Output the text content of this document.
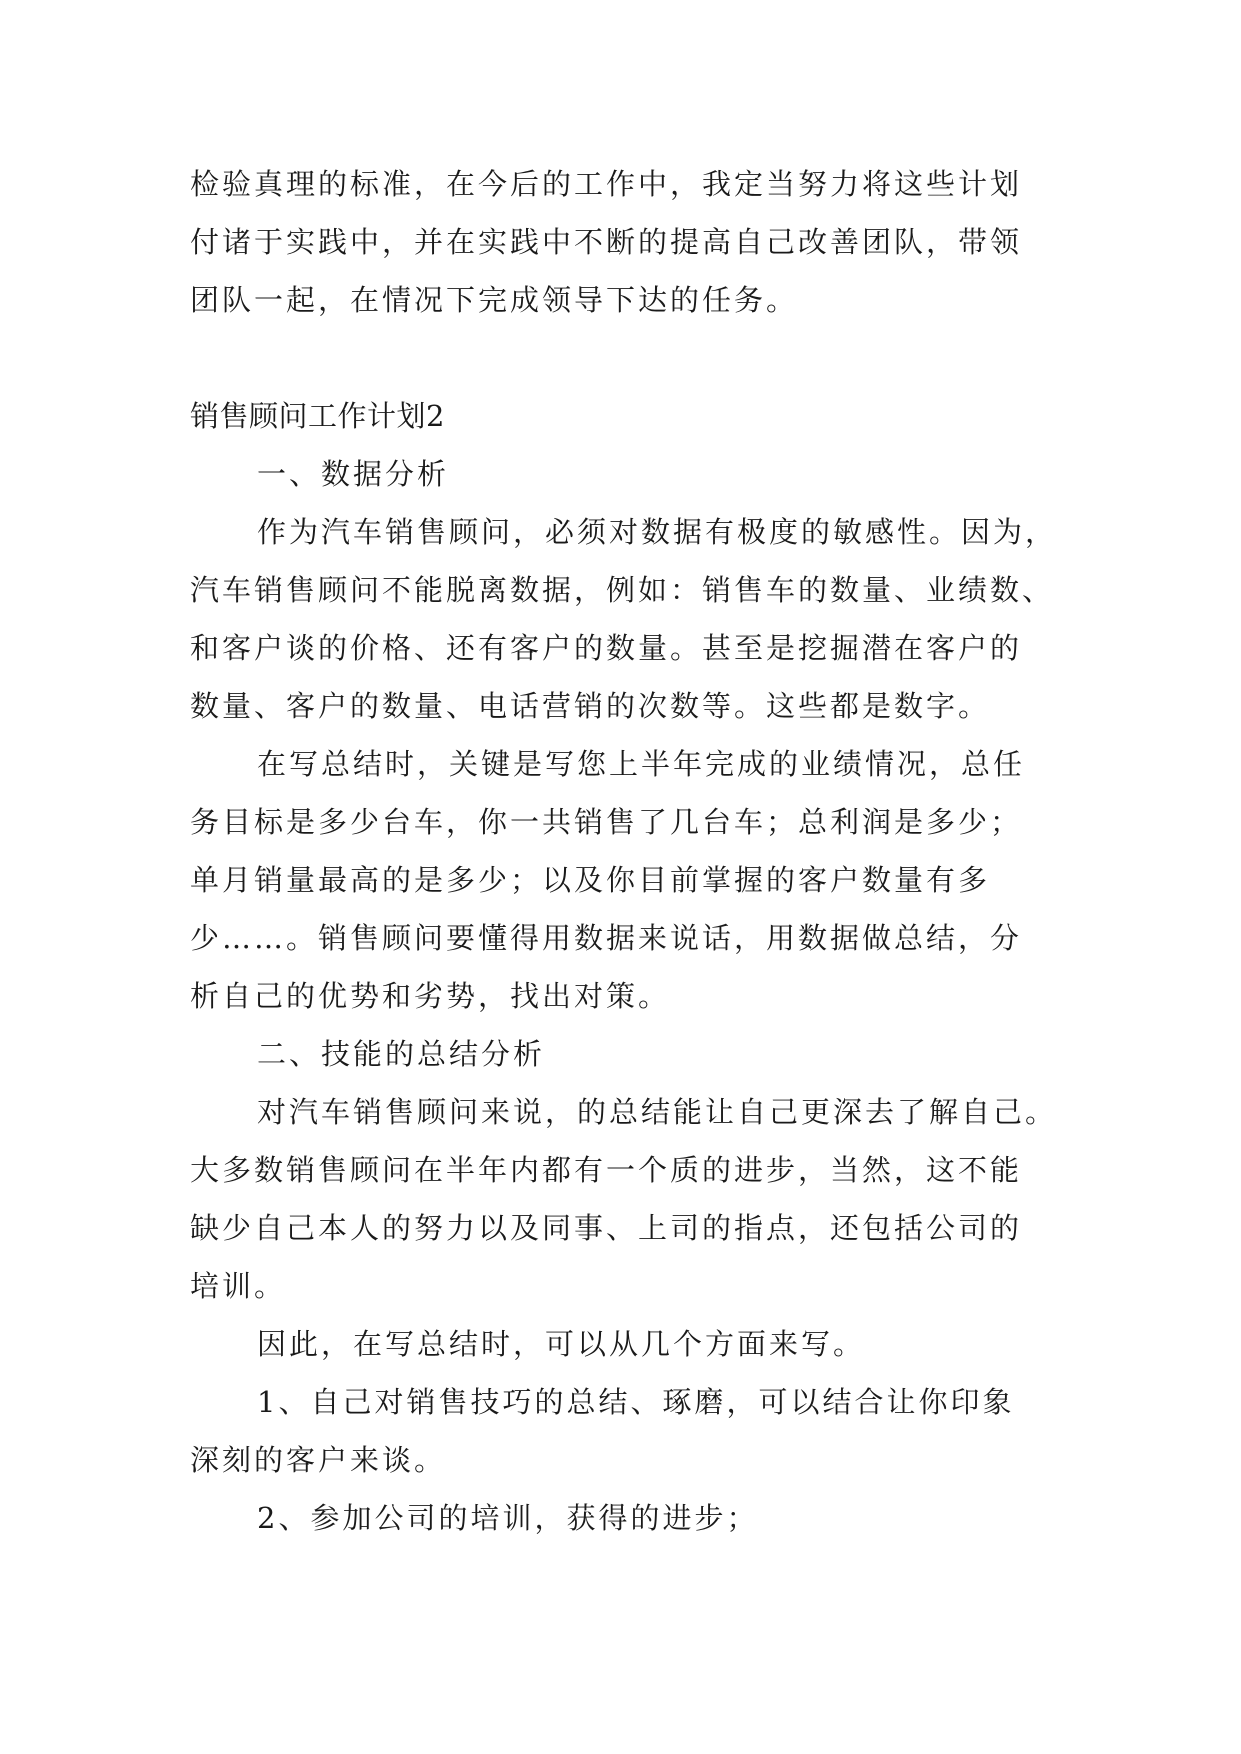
检验真理的标准，在今后的工作中，我定当努力将这些计划
付诸于实践中，并在实践中不断的提高自己改善团队，带领
团队一起，在情况下完成领导下达的任务。
销售顾问工作计划2
一、数据分析
作为汽车销售顾问，必须对数据有极度的敏感性。因为，
汽车销售顾问不能脱离数据，例如：销售车的数量、业绩数、
和客户谈的价格、还有客户的数量。甚至是挖掘潜在客户的
数量、客户的数量、电话营销的次数等。这些都是数字。
在写总结时，关键是写您上半年完成的业绩情况，总任
务目标是多少台车，你一共销售了几台车；总利润是多少；
单月销量最高的是多少；以及你目前掌握的客户数量有多
少……。销售顾问要懂得用数据来说话，用数据做总结，分
析自己的优势和劣势，找出对策。
二、技能的总结分析
对汽车销售顾问来说，的总结能让自己更深去了解自己。
大多数销售顾问在半年内都有一个质的进步，当然，这不能
缺少自己本人的努力以及同事、上司的指点，还包括公司的
培训。
因此，在写总结时，可以从几个方面来写。
1、自己对销售技巧的总结、琢磨，可以结合让你印象
深刻的客户来谈。
2、参加公司的培训，获得的进步；
